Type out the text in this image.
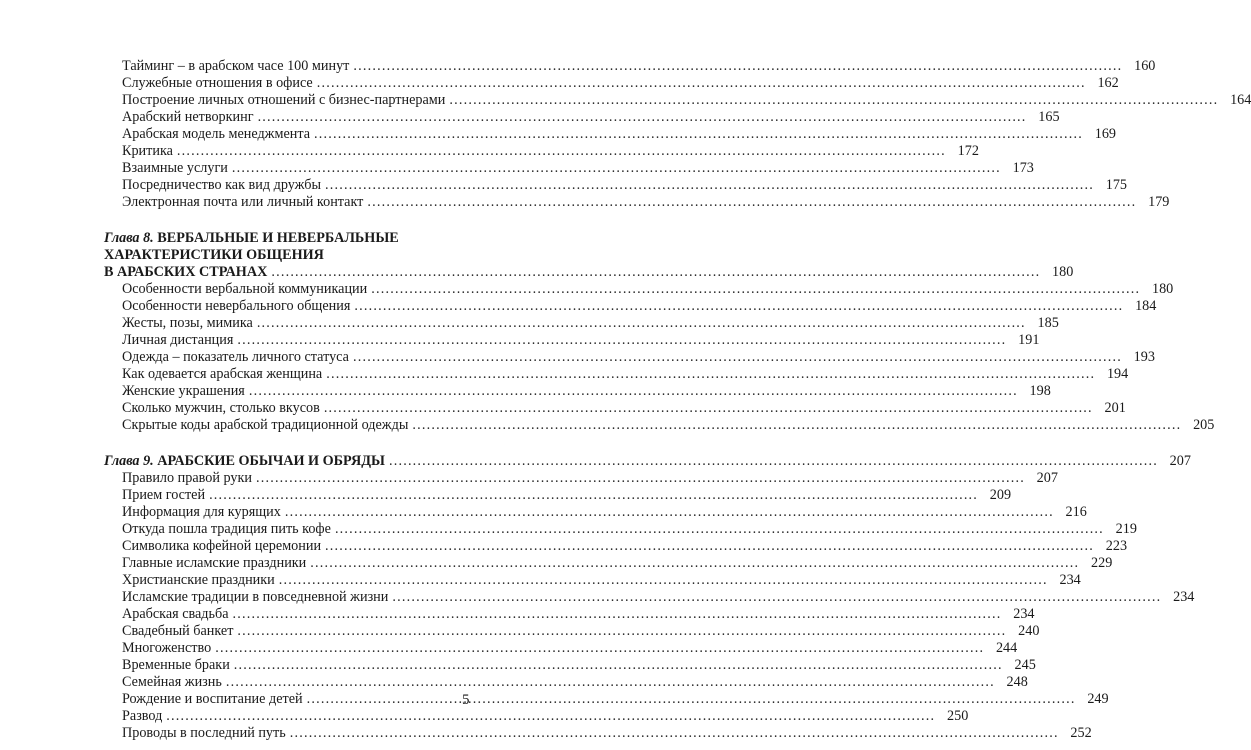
Тайминг – в арабском часе 100 минут .....	160
Служебные отношения в офисе .....	162
Построение личных отношений с бизнес-партнерами .....	164
Арабский нетворкинг .....	165
Арабская модель менеджмента .....	169
Критика .....	172
Взаимные услуги .....	173
Посредничество как вид дружбы .....	175
Электронная почта или личный контакт .....	179
Глава 8. ВЕРБАЛЬНЫЕ И НЕВЕРБАЛЬНЫЕ
ХАРАКТЕРИСТИКИ ОБЩЕНИЯ
В АРАБСКИХ СТРАНАХ .....	180
Особенности вербальной коммуникации .....	180
Особенности невербального общения .....	184
Жесты, позы, мимика .....	185
Личная дистанция .....	191
Одежда – показатель личного статуса .....	193
Как одевается арабская женщина .....	194
Женские украшения .....	198
Сколько мужчин, столько вкусов .....	201
Скрытые коды арабской традиционной одежды .....	205
Глава 9. АРАБСКИЕ ОБЫЧАИ И ОБРЯДЫ .....	207
Правило правой руки .....	207
Прием гостей .....	209
Информация для курящих .....	216
Откуда пошла традиция пить кофе .....	219
Символика кофейной церемонии .....	223
Главные исламские праздники .....	229
Христианские праздники .....	234
Исламские традиции в повседневной жизни .....	234
Арабская свадьба .....	234
Свадебный банкет .....	240
Многоженство .....	244
Временные браки .....	245
Семейная жизнь .....	248
Рождение и воспитание детей .....	249
Развод .....	250
Проводы в последний путь .....	252
5
